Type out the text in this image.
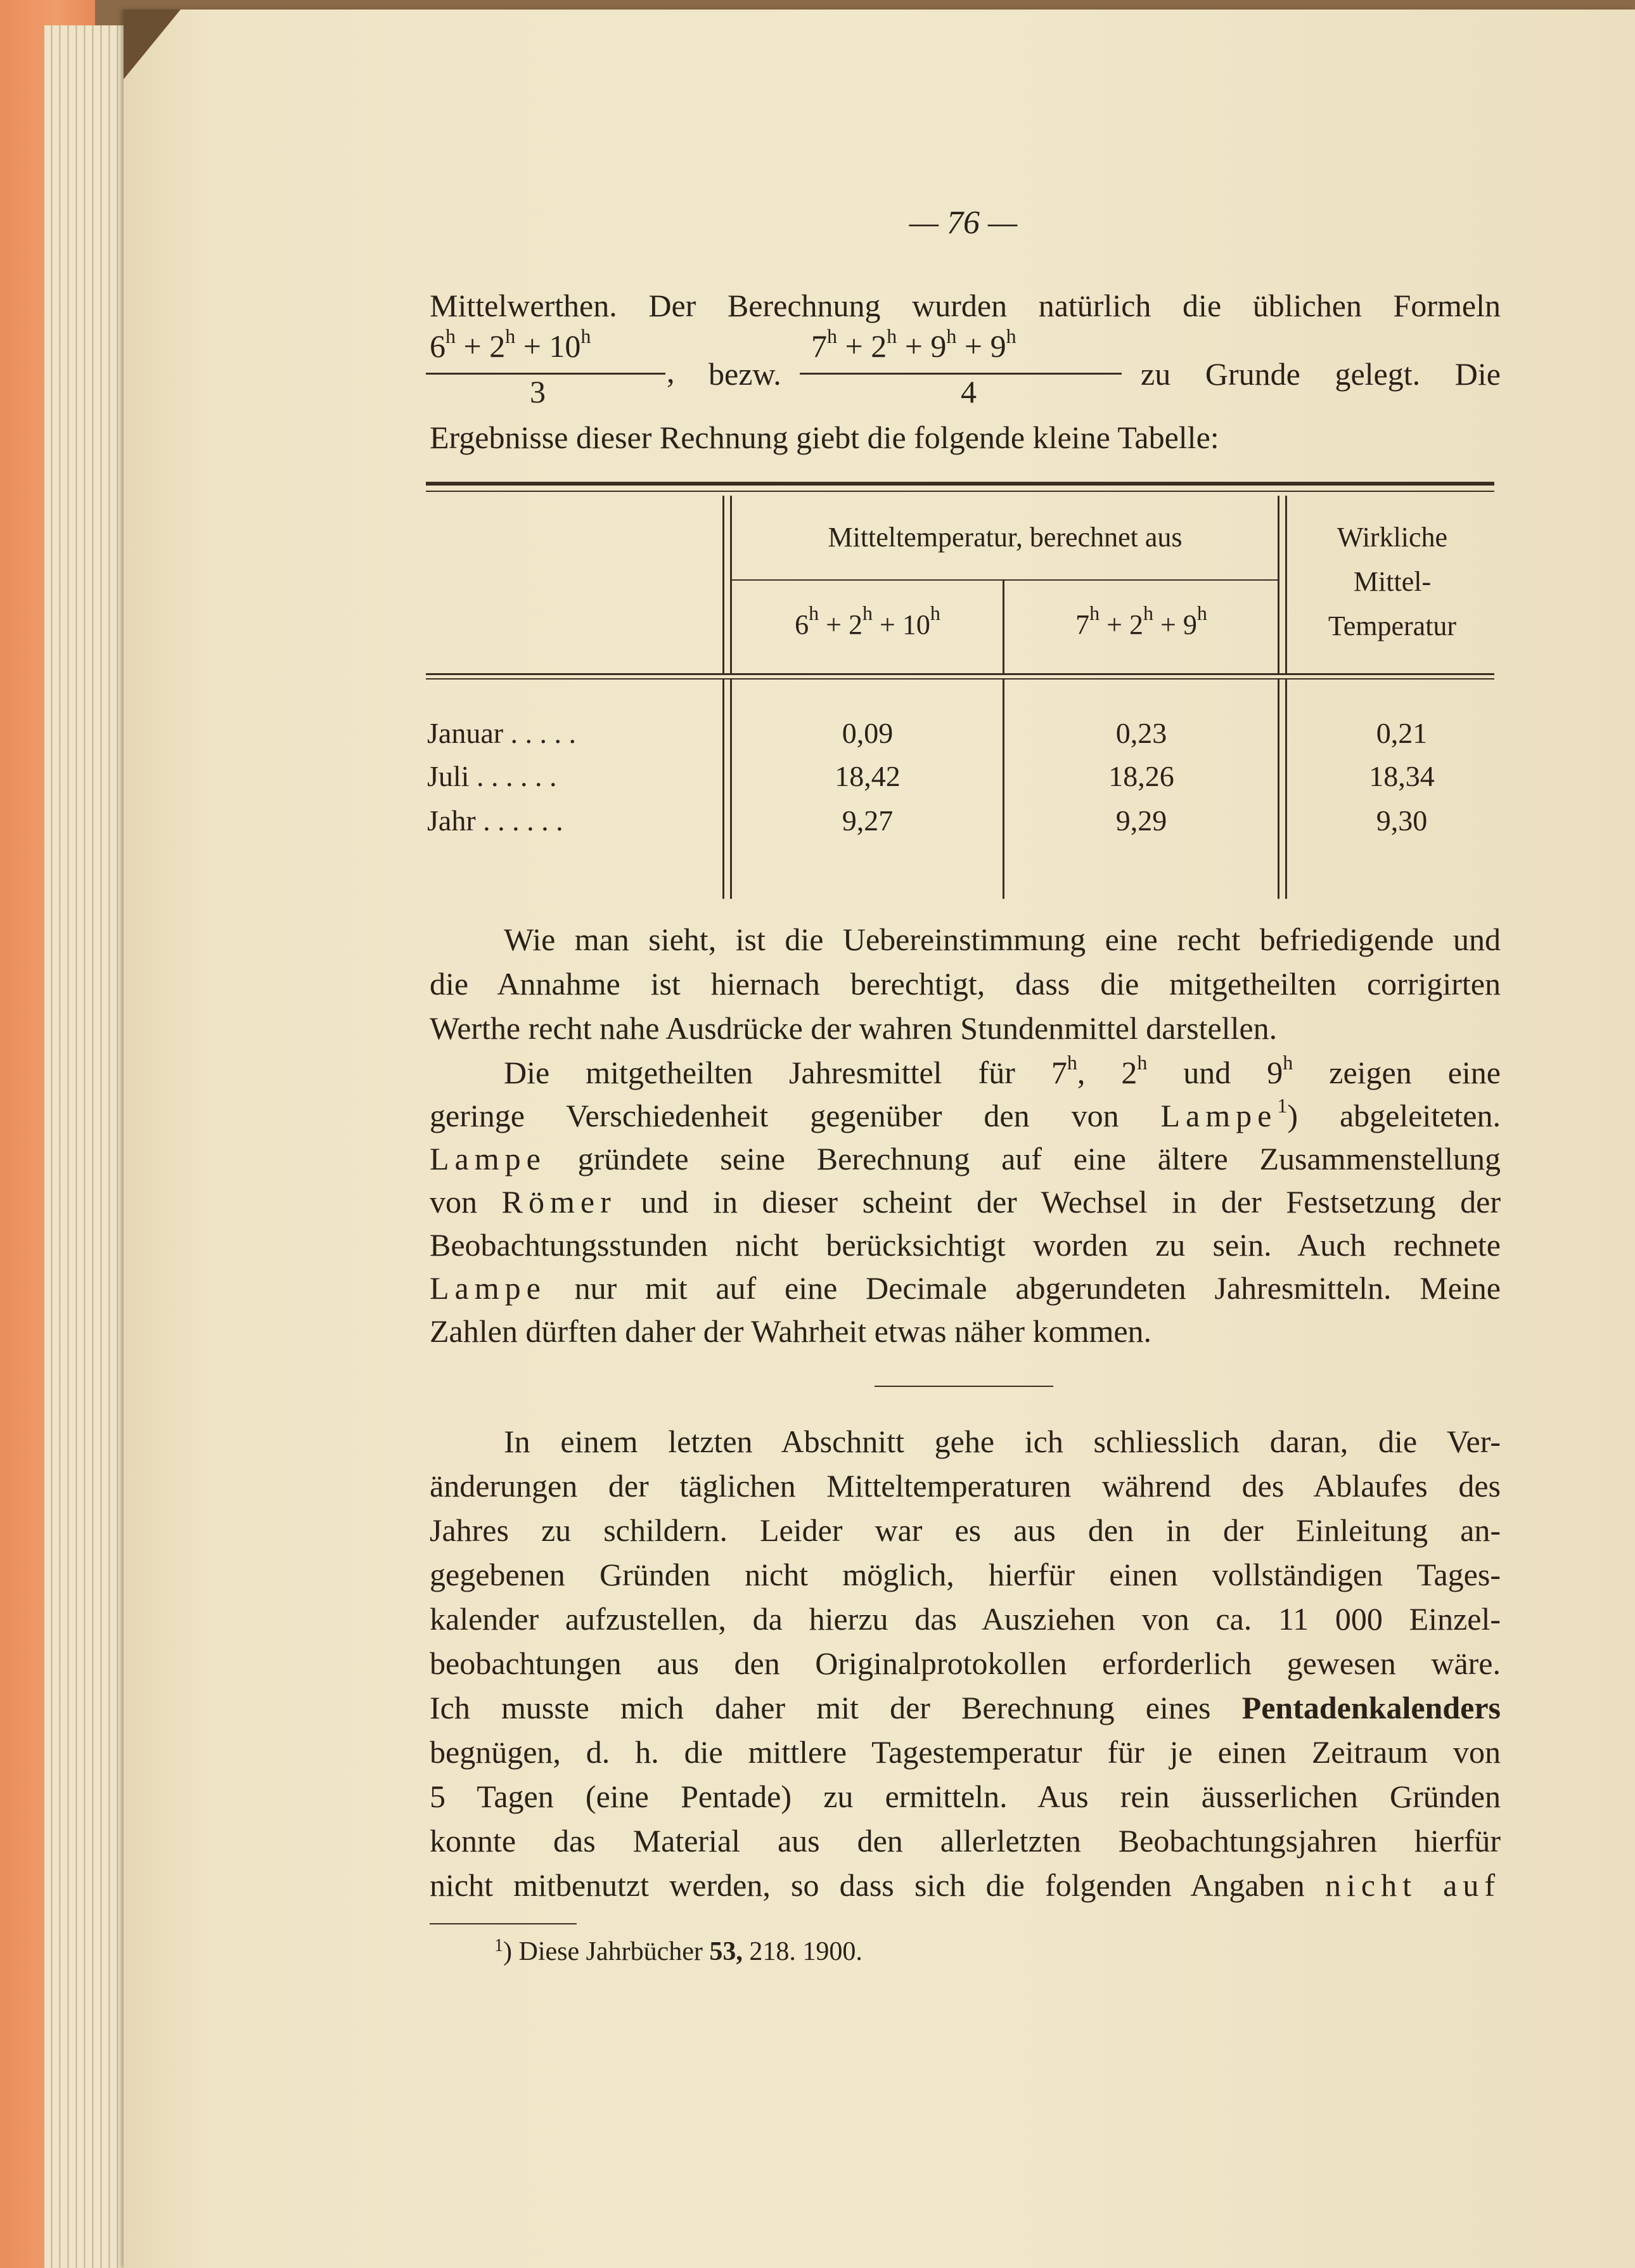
— 76 —
Mittelwerthen. Der Berechnung wurden natürlich die üblichen Formeln
$6^h + 2^h + 10^h$
,
3	bezw.
$7^h + 2^h + 9^h + 9^h$
4	zu Grunde gelegt. Die
Ergebnisse dieser Rechnung giebt die folgende kleine Tabelle:
Mitteltemperatur, berechnet aus
$6^h + 2^h + 10^h$	$7^h + 2^h + 9^h$
Wirkliche
Mittel-
Temperatur
Januar . . . . .	0,09	0,23	0,21
Juli . . . . . .	18,42	18,26	18,34
Jahr . . . . . .	9,27	9,29	9,30
Wie man sieht, ist die Uebereinstimmung eine recht befriedigende und
die Annahme ist hiernach berechtigt, dass die mitgetheilten corrigirten
Werthe recht nahe Ausdrücke der wahren Stundenmittel darstellen.
Die mitgetheilten Jahresmittel für 7$^h$, 2$^h$ und 9$^h$ zeigen eine
geringe Verschiedenheit gegenüber den von Lampe$^1$) abgeleiteten.
Lampe gründete seine Berechnung auf eine ältere Zusammenstellung
von Römer und in dieser scheint der Wechsel in der Festsetzung der
Beobachtungsstunden nicht berücksichtigt worden zu sein. Auch rechnete
Lampe nur mit auf eine Decimale abgerundeten Jahresmitteln. Meine
Zahlen dürften daher der Wahrheit etwas näher kommen.
In einem letzten Abschnitt gehe ich schliesslich daran, die Ver-
änderungen der täglichen Mitteltemperaturen während des Ablaufes des
Jahres zu schildern. Leider war es aus den in der Einleitung an-
gegebenen Gründen nicht möglich, hierfür einen vollständigen Tages-
kalender aufzustellen, da hierzu das Ausziehen von ca. 11 000 Einzel-
beobachtungen aus den Originalprotokollen erforderlich gewesen wäre.
Ich musste mich daher mit der Berechnung eines Pentadenkalenders
begnügen, d. h. die mittlere Tagestemperatur für je einen Zeitraum von
5 Tagen (eine Pentade) zu ermitteln. Aus rein äusserlichen Gründen
konnte das Material aus den allerletzten Beobachtungsjahren hierfür
nicht mitbenutzt werden, so dass sich die folgenden Angaben nicht auf
$^1$) Diese Jahrbücher 53, 218. 1900.
